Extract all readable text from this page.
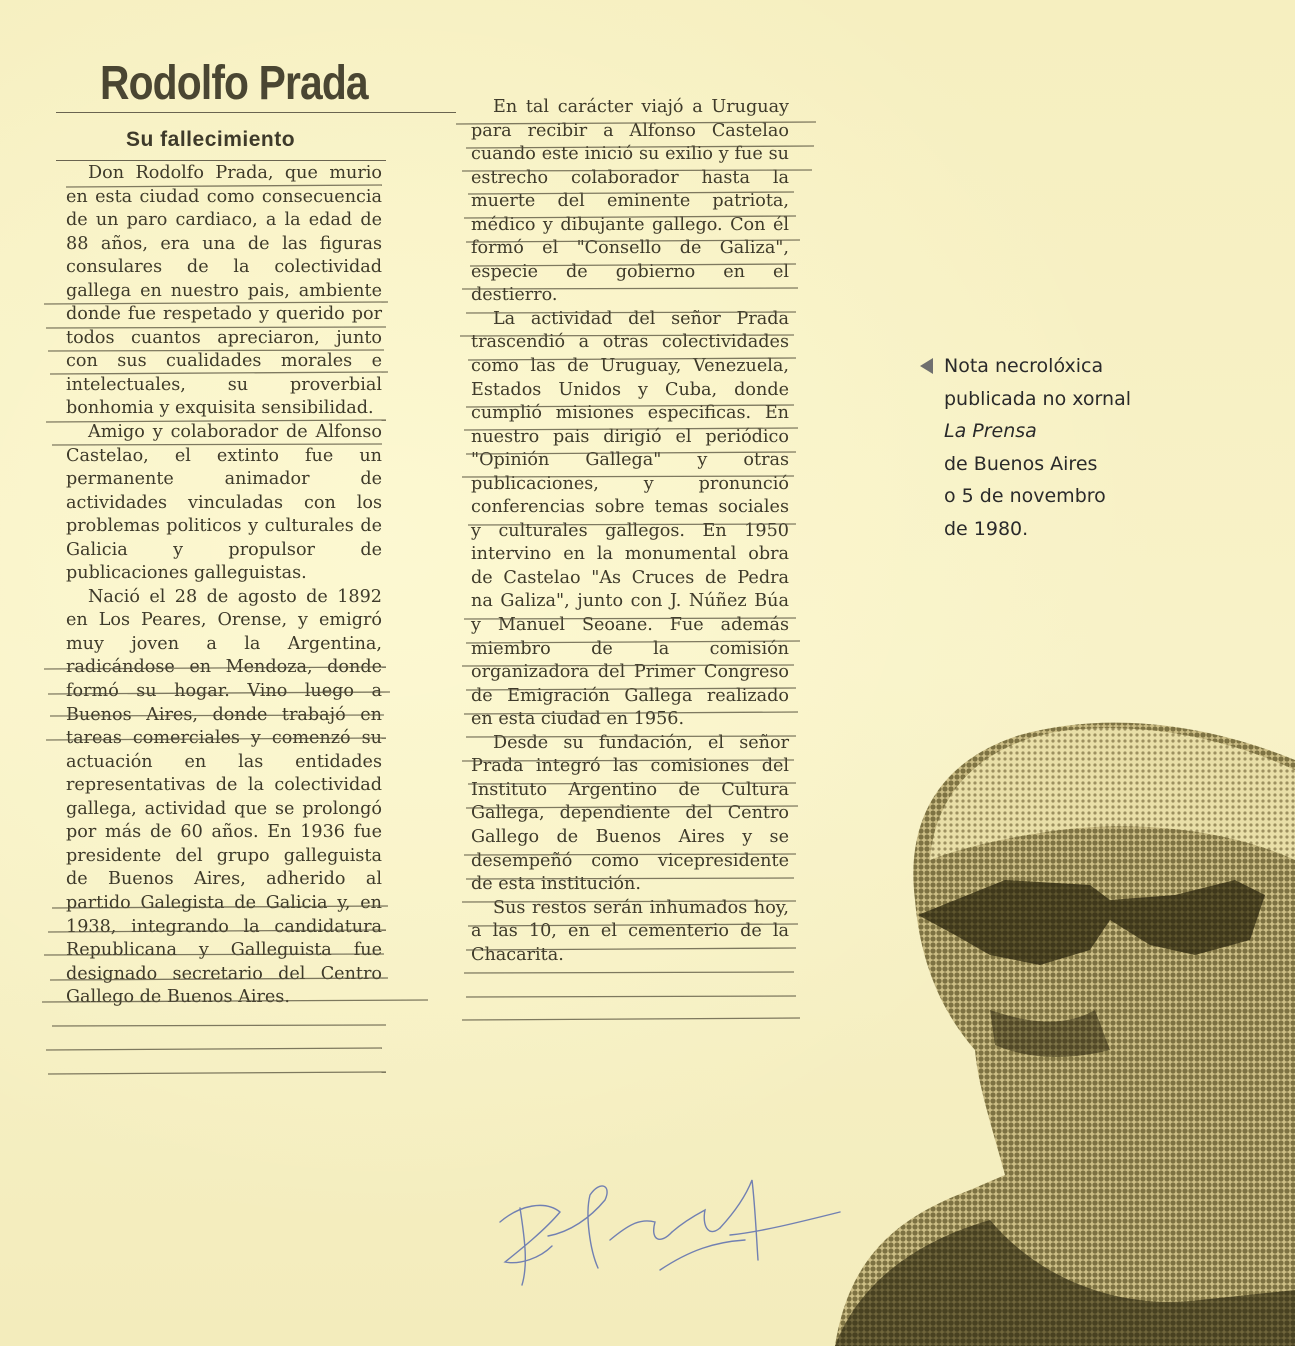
Rodolfo Prada
Su fallecimiento

Don Rodolfo Prada, que murio en esta ciudad como consecuencia de un paro cardiaco, a la edad de 88 años, era una de las figuras consulares de la colectividad gallega en nuestro pais, ambiente donde fue respetado y querido por todos cuantos apreciaron, junto con sus cualidades morales e intelectuales, su proverbial bonhomia y exquisita sensibilidad.

Amigo y colaborador de Alfonso Castelao, el extinto fue un permanente animador de actividades vinculadas con los problemas politicos y culturales de Galicia y propulsor de publicaciones galleguistas.

Nació el 28 de agosto de 1892 en Los Peares, Orense, y emigró muy joven a la Argentina, radicándose en Mendoza, donde formó su hogar. Vino luego a Buenos Aires, donde trabajó en tareas comerciales y comenzó su actuación en las entidades representativas de la colectividad gallega, actividad que se prolongó por más de 60 años. En 1936 fue presidente del grupo galleguista de Buenos Aires, adherido al partido Galegista de Galicia y, en 1938, integrando la candidatura Republicana y Galleguista fue designado secretario del Centro Gallego de Buenos Aires.

En tal carácter viajó a Uruguay para recibir a Alfonso Castelao cuando este inició su exilio y fue su estrecho colaborador hasta la muerte del eminente patriota, médico y dibujante gallego. Con él formó el "Consello de Galiza", especie de gobierno en el destierro.

La actividad del señor Prada trascendió a otras colectividades como las de Uruguay, Venezuela, Estados Unidos y Cuba, donde cumplió misiones especificas. En nuestro pais dirigió el periódico "Opinión Gallega" y otras publicaciones, y pronunció conferencias sobre temas sociales y culturales gallegos. En 1950 intervino en la monumental obra de Castelao "As Cruces de Pedra na Galiza", junto con J. Núñez Búa y Manuel Seoane. Fue además miembro de la comisión organizadora del Primer Congreso de Emigración Gallega realizado en esta ciudad en 1956.

Desde su fundación, el señor Prada integró las comisiones del Instituto Argentino de Cultura Gallega, dependiente del Centro Gallego de Buenos Aires y se desempeñó como vicepresidente de esta institución.

Sus restos serán inhumados hoy, a las 10, en el cementerio de la Chacarita.

Nota necrolóxica
publicada no xornal
La Prensa
de Buenos Aires
o 5 de novembro
de 1980.
